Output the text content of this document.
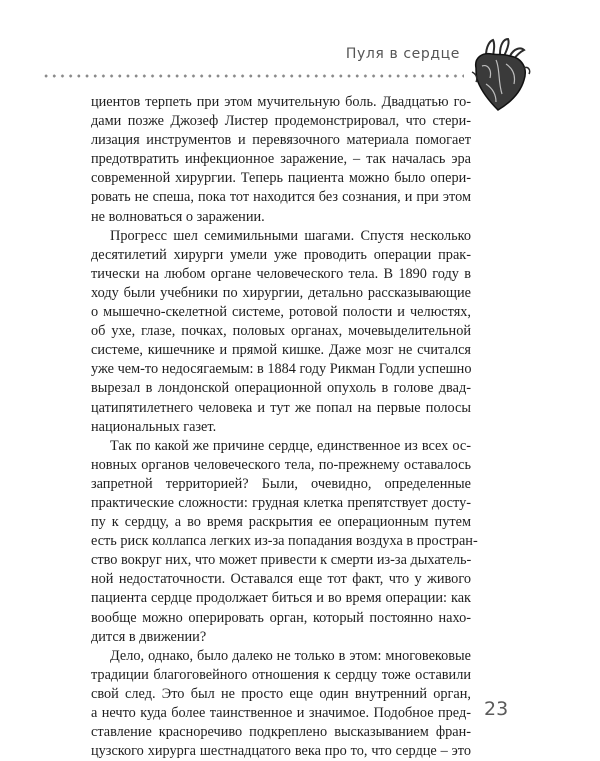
Пуля в сердце

циентов терпеть при этом мучительную боль. Двадцатью го-
дами позже Джозеф Листер продемонстрировал, что стери-
лизация инструментов и перевязочного материала помогает
предотвратить инфекционное заражение, – так началась эра
современной хирургии. Теперь пациента можно было опери-
ровать не спеша, пока тот находится без сознания, и при этом
не волноваться о заражении.

Прогресс шел семимильными шагами. Спустя несколько
десятилетий хирурги умели уже проводить операции прак-
тически на любом органе человеческого тела. В 1890 году в
ходу были учебники по хирургии, детально рассказывающие
о мышечно-скелетной системе, ротовой полости и челюстях,
об ухе, глазе, почках, половых органах, мочевыделительной
системе, кишечнике и прямой кишке. Даже мозг не считался
уже чем-то недосягаемым: в 1884 году Рикман Годли успешно
вырезал в лондонской операционной опухоль в голове двад-
цатипятилетнего человека и тут же попал на первые полосы
национальных газет.

Так по какой же причине сердце, единственное из всех ос-
новных органов человеческого тела, по-прежнему оставалось
запретной территорией? Были, очевидно, определенные
практические сложности: грудная клетка препятствует досту-
пу к сердцу, а во время раскрытия ее операционным путем
есть риск коллапса легких из-за попадания воздуха в простран-
ство вокруг них, что может привести к смерти из-за дыхатель-
ной недостаточности. Оставался еще тот факт, что у живого
пациента сердце продолжает биться и во время операции: как
вообще можно оперировать орган, который постоянно нахо-
дится в движении?

Дело, однако, было далеко не только в этом: многовековые
традиции благоговейного отношения к сердцу тоже оставили
свой след. Это был не просто еще один внутренний орган,
а нечто куда более таинственное и значимое. Подобное пред-
ставление красноречиво подкреплено высказыванием фран-
цузского хирурга шестнадцатого века про то, что сердце – это

23
